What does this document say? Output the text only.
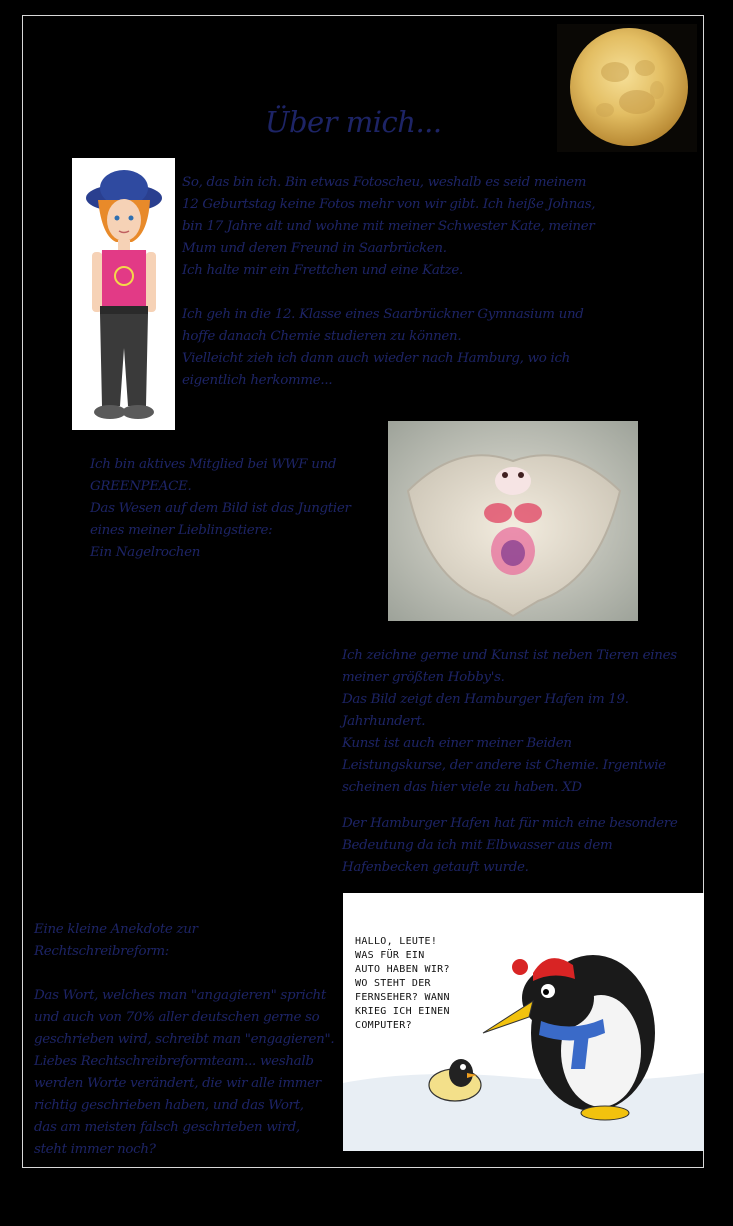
Über mich...

So, das bin ich. Bin etwas Fotoscheu, weshalb es seid meinem
12 Geburtstag keine Fotos mehr von wir gibt. Ich heiße Johnas,
bin 17 Jahre alt und wohne mit meiner Schwester Kate, meiner
Mum und deren Freund in Saarbrücken.
Ich halte mir ein Frettchen und eine Katze.

Ich geh in die 12. Klasse eines Saarbrückner Gymnasium und
hoffe danach Chemie studieren zu können.
Vielleicht zieh ich dann auch wieder nach Hamburg, wo ich
eigentlich herkomme...

Ich bin aktives Mitglied bei WWF und
GREENPEACE.
Das Wesen auf dem Bild ist das Jungtier
eines meiner Lieblingstiere:
Ein Nagelrochen

Ich zeichne gerne und Kunst ist neben Tieren eines
meiner größten Hobby's.
Das Bild zeigt den Hamburger Hafen im 19.
Jahrhundert.
Kunst ist auch einer meiner Beiden
Leistungskurse, der andere ist Chemie. Irgentwie
scheinen das hier viele zu haben. XD

Der Hamburger Hafen hat für mich eine besondere
Bedeutung da ich mit Elbwasser aus dem
Hafenbecken getauft wurde.

Eine kleine Anekdote zur
Rechtschreibreform:

Das Wort, welches man "angagieren" spricht
und auch von 70% aller deutschen gerne so
geschrieben wird, schreibt man "engagieren".
Liebes Rechtschreibreformteam... weshalb
werden Worte verändert, die wir alle immer
richtig geschrieben haben, und das Wort,
das am meisten falsch geschrieben wird,
steht immer noch?

HALLO, LEUTE!
WAS FÜR EIN
AUTO HABEN WIR?
WO STEHT DER
FERNSEHER? WANN
KRIEG ICH EINEN
COMPUTER?
